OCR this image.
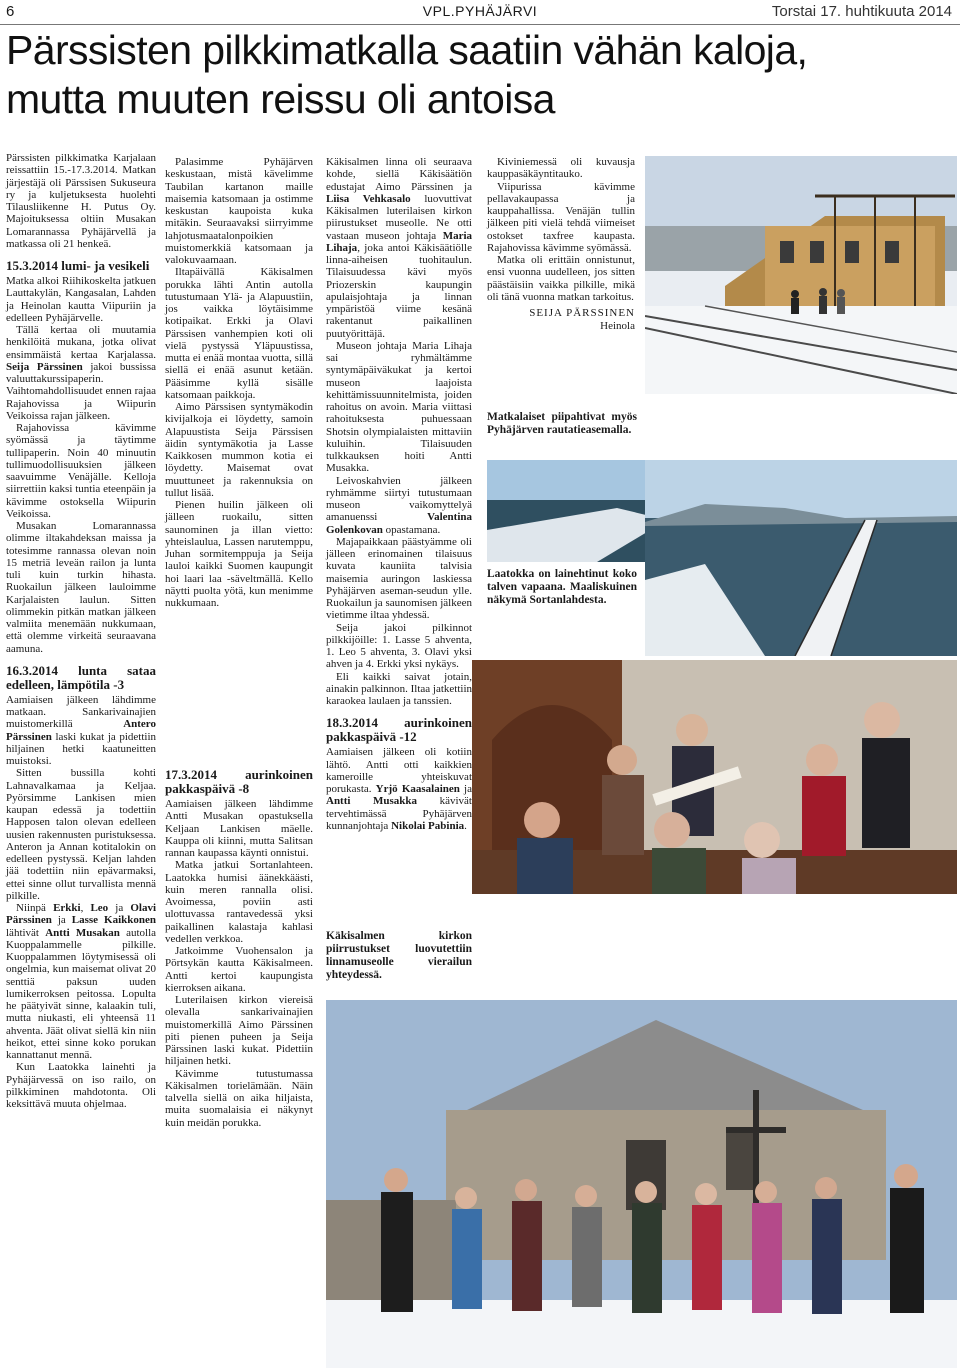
6	VPL.PYHÄJÄRVI	Torstai 17. huhtikuuta 2014
Pärssisten pilkkimatkalla saatiin vähän kaloja,
mutta muuten reissu oli antoisa

Pärssisten pilkkimatka Karjalaan reissattiin 15.-17.3.2014. Matkan järjestäjä oli Pärssisen Sukuseura ry ja kuljetuksesta huolehti Tilausliikenne H. Putus Oy. Majoituksessa oltiin Musakan Lomarannassa Pyhäjärvellä ja matkassa oli 21 henkeä.

15.3.2014 lumi- ja vesikeli

Matka alkoi Riihikoskelta jatkuen Lauttakylän, Kangasalan, Lahden ja Heinolan kautta Viipuriin ja edelleen Pyhäjärvelle.

Tällä kertaa oli muutamia henkilöitä mukana, jotka olivat ensimmäistä kertaa Karjalassa. Seija Pärssinen jakoi bussissa valuuttakurssipaperin. Vaihtomahdollisuudet ennen rajaa Rajahovissa ja Wiipurin Veikoissa rajan jälkeen.

Rajahovissa kävimme syömässä ja täytimme tullipaperin. Noin 40 minuutin tullimuodollisuuksien jälkeen saavuimme Venäjälle. Kelloja siirrettiin kaksi tuntia eteenpäin ja kävimme ostoksella Wiipurin Veikoissa.

Musakan Lomarannassa olimme iltakahdeksan maissa ja totesimme rannassa olevan noin 15 metriä leveän railon ja lunta tuli kuin turkin hihasta. Ruokailun jälkeen lauloimme Karjalaisten laulun. Sitten olimmekin pitkän matkan jälkeen valmiita menemään nukkumaan, että olemme virkeitä seuraavana aamuna.

16.3.2014 lunta sataa edelleen, lämpötila -3

Aamiaisen jälkeen lähdimme matkaan. Sankarivainajien muistomerkillä	Antero Pärssinen laski kukat ja pidettiin hiljainen hetki kaatuneitten muistoksi.

Sitten bussilla kohti Lahnavalkamaa ja Keljaa. Pyörsimme Lankisen mien kaupan edessä ja todettiin Happosen talon olevan edelleen uusien rakennusten puristuksessa. Anteron ja Annan kotitalokin on edelleen pystyssä. Keljan lahden jää todettiin niin epävarmaksi, ettei sinne ollut turvallista mennä pilkille.

Niinpä Erkki, Leo ja Olavi Pärssinen ja Lasse Kaikkonen lähtivät Antti Musakan autolla Kuoppalammelle pilkille. Kuoppalammen löytymisessä oli ongelmia, kun maisemat olivat 20 senttiä paksun uuden lumikerroksen peitossa. Lopulta he päätyivät sinne, kalaakin tuli, mutta niukasti, eli yhteensä 11 ahventa. Jäät olivat siellä kin niin heikot, ettei sinne koko porukan kannattanut mennä.

Kun Laatokka lainehti ja Pyhäjärvessä on iso railo, on pilkkiminen mahdotonta. Oli keksittävä muuta ohjelmaa.

Palasimme Pyhäjärven keskustaan, mistä kävelimme Taubilan kartanon maille maisemia katsomaan ja ostimme keskustan kaupoista kuka mitäkin. Seuraavaksi siirryimme lahjotusmaatalonpoikien muistomerkkiä katsomaan ja valokuvaamaan.

Iltapäivällä Käkisalmen porukka lähti Antin autolla tutustumaan Ylä- ja Alapuustiin, jos vaikka löytäisimme kotipaikat. Erkki ja Olavi Pärssisen vanhempien koti oli vielä pystyssä Yläpuustissa, mutta ei enää montaa vuotta, sillä siellä ei enää asunut ketään. Pääsimme kyllä sisälle katsomaan paikkoja.

Aimo Pärssisen syntymäkodin kivijalkoja ei löydetty, samoin Alapuustista Seija Pärssisen äidin syntymäkotia ja Lasse Kaikkosen mummon kotia ei löydetty. Maisemat ovat muuttuneet ja rakennuksia on tullut lisää.

Pienen huilin jälkeen oli jälleen ruokailu, sitten saunominen ja illan vietto: yhteislaulua, Lassen narutemppu, Juhan sormitemppuja ja Seija lauloi kaikki Suomen kaupungit hoi laari laa -säveltmällä. Kello näytti puolta yötä, kun menimme nukkumaan.

Käkisalmen linna oli seuraava kohde, siellä Käkisäätiön edustajat Aimo Pärssinen ja Liisa Vehkasalo luovuttivat Käkisalmen luterilaisen kirkon piirustukset museolle. Ne otti vastaan museon johtaja Maria Lihaja, joka antoi Käkisäätiölle linna-aiheisen tuohitaulun. Tilaisuudessa kävi myös Priozerskin kaupungin apulaisjohtaja ja linnan ympäristöä viime kesänä rakentanut paikallinen puutyörittäjä.

Museon johtaja Maria Lihaja sai ryhmältämme syntymäpäiväkukat ja kertoi museon laajoista kehittämissuunnitelmista, joiden rahoitus on avoin. Maria viittasi rahoituksesta puhuessaan Shotsin olympialaisten mittaviin kuluihin. Tilaisuuden tulkkauksen hoiti Antti Musakka.

Leivoskahvien jälkeen ryhmämme siirtyi tutustumaan museon vaikomyttelyä amanuenssi	Valentina Golenkovan opastamana.

Majapaikkaan päästyämme oli jälleen erinomainen tilaisuus kuvata kauniita talvisia maisemia auringon laskiessa Pyhäjärven aseman-seudun ylle. Ruokailun ja saunomisen jälkeen vietimme iltaa yhdessä.

Seija jakoi pilkinnot pilkkijöille: 1. Lasse 5 ahventa, 1. Leo 5 ahventa, 3. Olavi yksi ahven ja 4. Erkki yksi nykäys.

Eli kaikki saivat jotain, ainakin palkinnon. Iltaa jatkettiin karaokea laulaen ja tanssien.

18.3.2014 aurinkoinen pakkaspäivä -12

Aamiaisen jälkeen oli kotiin lähtö. Antti otti kaikkien kameroille yhteiskuvat porukasta. Yrjö Kaasalainen ja Antti Musakka kävivät tervehtimässä Pyhäjärven kunnanjohtaja Nikolai Pabinia.

Kiviniemessä oli kuvausja kauppasäkäyntitauko.

Viipurissa kävimme pellavakaupassa ja kauppahallissa. Venäjän tullin jälkeen piti vielä tehdä viimeiset ostokset taxfree kaupasta. Rajahovissa kävimme syömässä.

Matka oli erittäin onnistunut, ensi vuonna uudelleen, jos sitten päästäisiin vaikka pilkille, mikä oli tänä vuonna matkan tarkoitus.

SEIJA PÄRSSINEN
Heinola
Matkalaiset piipahtivat myös Pyhäjärven rautatieasemalla.
Laatokka on lainehtinut koko talven vapaana. Maaliskuinen näkymä Sortanlahdesta.
17.3.2014 aurinkoinen pakkaspäivä -8

Aamiaisen jälkeen lähdimme Antti Musakan opastuksella Keljaan Lankisen mäelle. Kauppa oli kiinni, mutta Salitsan rannan kaupassa käynti onnistui.

Matka jatkui Sortanlahteen. Laatokka humisi äänekkäästi, kuin meren rannalla olisi. Avoimessa, poviin asti ulottuvassa rantavedessä yksi paikallinen kalastaja kahlasi vedellen verkkoa.

Jatkoimme Vuohensalon ja Pörtsykän kautta Käkisalmeen. Antti kertoi kaupungista kierroksen aikana.

Luterilaisen kirkon viereisä olevalla sankarivainajien muistomerkillä Aimo Pärssinen piti pienen puheen ja Seija Pärssinen laski kukat. Pidettiin hiljainen hetki.

Kävimme tutustumassa Käkisalmen torielämään. Näin talvella siellä on aika hiljaista, muita suomalaisia ei näkynyt kuin meidän porukka.

Käkisalmen kirkon piirrustukset luovutettiin linnamuseolle vierailun yhteydessä.
